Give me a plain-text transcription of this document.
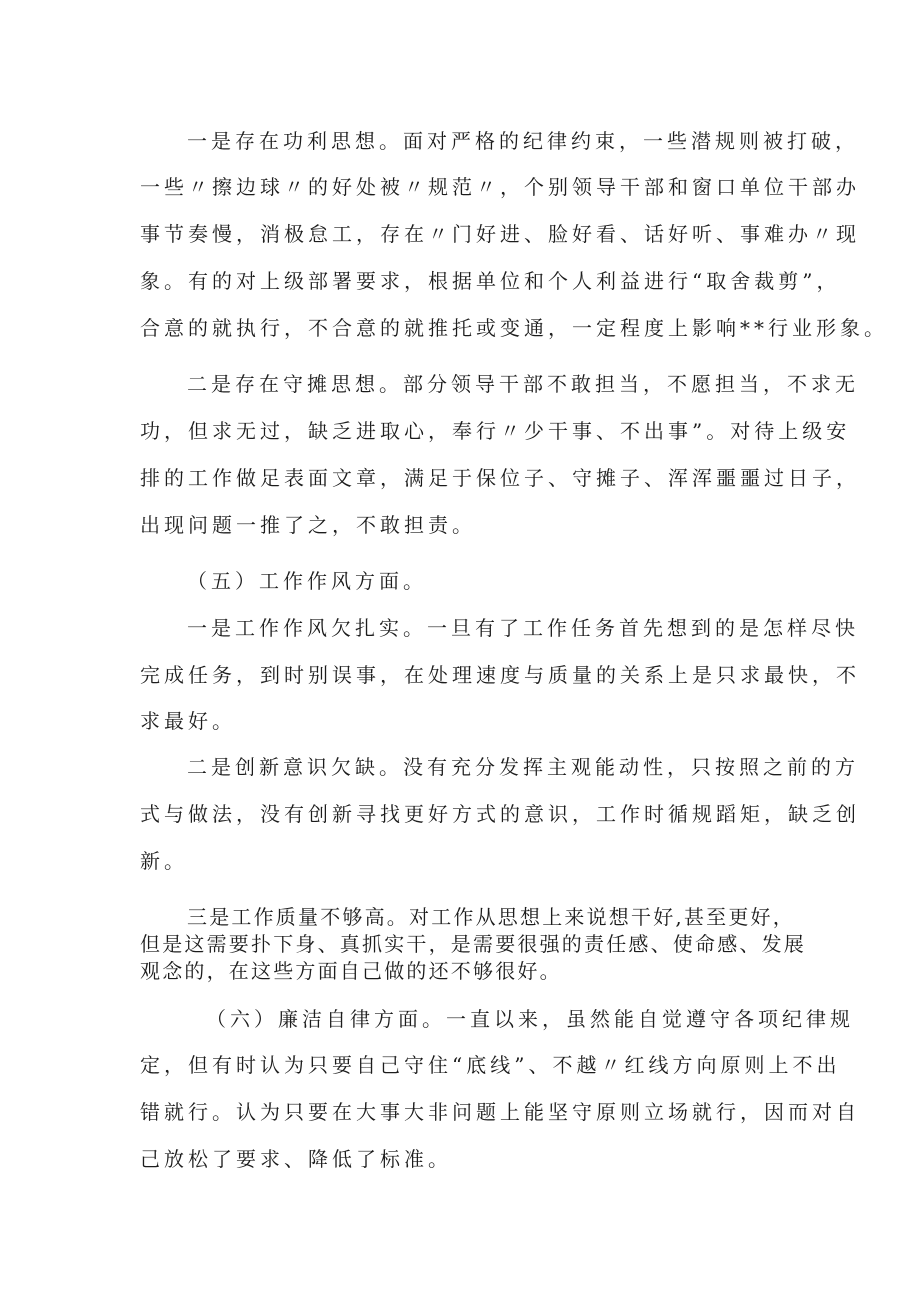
一是存在功利思想。面对严格的纪律约束，一些潜规则被打破，

一些〃擦边球〃的好处被〃规范〃，个别领导干部和窗口单位干部办

事节奏慢，消极怠工，存在〃门好进、脸好看、话好听、事难办〃现

象。有的对上级部署要求，根据单位和个人利益进行“取舍裁剪”，

合意的就执行，不合意的就推托或变通，一定程度上影响**行业形象。

二是存在守摊思想。部分领导干部不敢担当，不愿担当，不求无

功，但求无过，缺乏进取心，奉行〃少干事、不出事”。对待上级安

排的工作做足表面文章，满足于保位子、守摊子、浑浑噩噩过日子，

出现问题一推了之，不敢担责。

（五）工作作风方面。

一是工作作风欠扎实。一旦有了工作任务首先想到的是怎样尽快

完成任务，到时别误事，在处理速度与质量的关系上是只求最快，不

求最好。

二是创新意识欠缺。没有充分发挥主观能动性，只按照之前的方

式与做法，没有创新寻找更好方式的意识，工作时循规蹈矩，缺乏创

新。

三是工作质量不够高。对工作从思想上来说想干好,甚至更好，

但是这需要扑下身、真抓实干，是需要很强的责任感、使命感、发展

观念的，在这些方面自己做的还不够很好。

（六）廉洁自律方面。一直以来，虽然能自觉遵守各项纪律规

定，但有时认为只要自己守住“底线”、不越〃红线方向原则上不出

错就行。认为只要在大事大非问题上能坚守原则立场就行，因而对自

己放松了要求、降低了标准。
